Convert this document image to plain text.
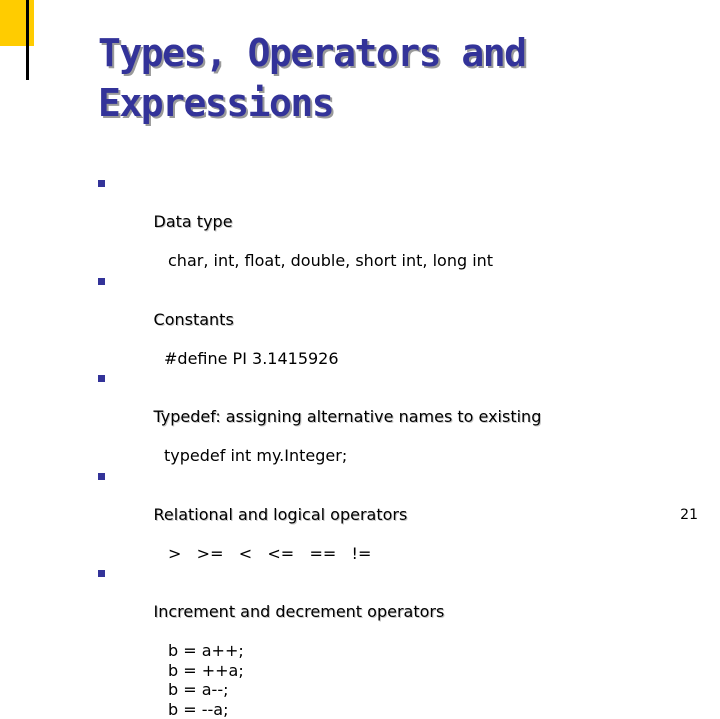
Types, Operators and
Expressions

Data type

char, int, float, double, short int, long int

Constants

#define PI 3.1415926

Typedef: assigning alternative names to existing

typedef int my.Integer;

Relational and logical operators

>   >=   <   <=   ==   !=

Increment and decrement operators

b = a++;
b = ++a;
b = a--;
b = --a;
21
